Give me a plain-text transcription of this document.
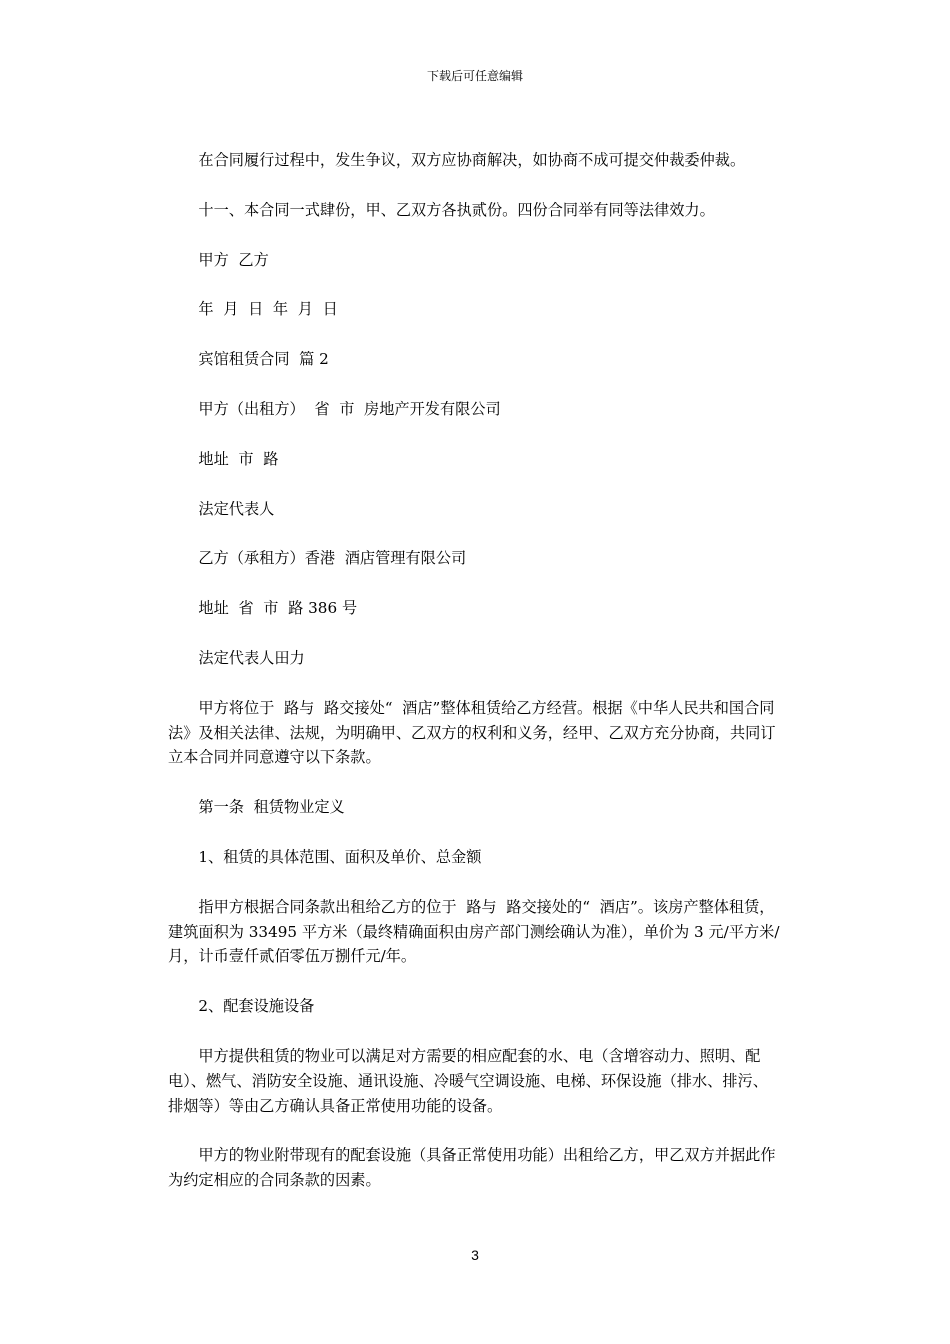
下载后可任意编辑

在合同履行过程中，发生争议，双方应协商解决，如协商不成可提交仲裁委仲裁。

十一、本合同一式肆份，甲、乙双方各执贰份。四份合同举有同等法律效力。

甲方  乙方

年  月  日  年  月  日

宾馆租赁合同  篇 2

甲方（出租方）  省  市  房地产开发有限公司

地址  市  路

法定代表人

乙方（承租方）香港  酒店管理有限公司

地址  省  市  路 386 号

法定代表人田力

甲方将位于  路与  路交接处“  酒店”整体租赁给乙方经营。根据《中华人民共和国合同法》及相关法律、法规，为明确甲、乙双方的权利和义务，经甲、乙双方充分协商，共同订立本合同并同意遵守以下条款。

第一条  租赁物业定义

1、租赁的具体范围、面积及单价、总金额

指甲方根据合同条款出租给乙方的位于  路与  路交接处的“  酒店”。该房产整体租赁，建筑面积为 33495 平方米（最终精确面积由房产部门测绘确认为准），单价为 3 元/平方米/月，计币壹仟贰佰零伍万捌仟元/年。

2、配套设施设备

甲方提供租赁的物业可以满足对方需要的相应配套的水、电（含增容动力、照明、配电）、燃气、消防安全设施、通讯设施、冷暖气空调设施、电梯、环保设施（排水、排污、排烟等）等由乙方确认具备正常使用功能的设备。

甲方的物业附带现有的配套设施（具备正常使用功能）出租给乙方，甲乙双方并据此作为约定相应的合同条款的因素。

3
